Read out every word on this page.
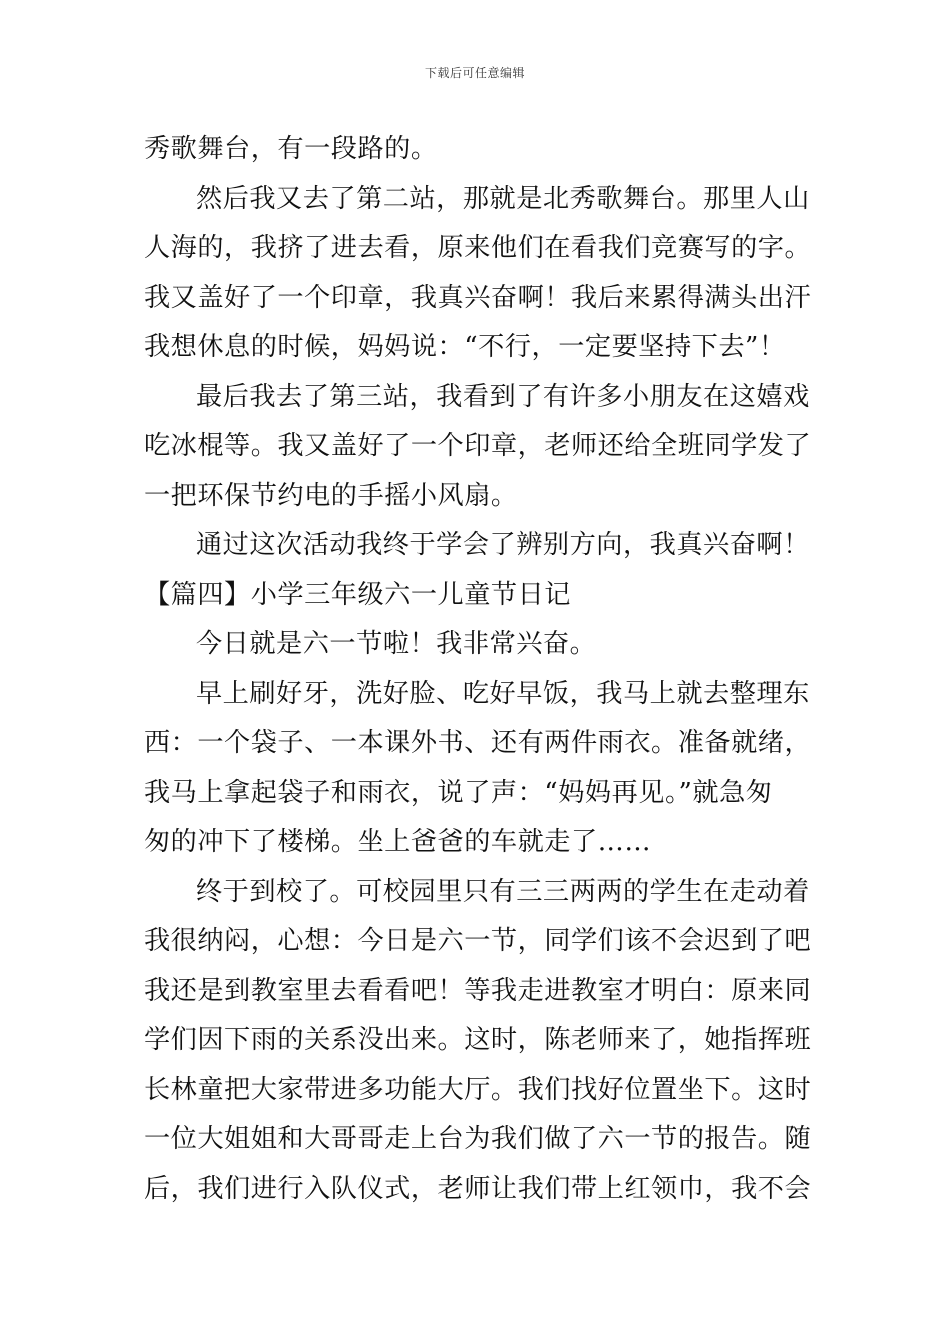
下载后可任意编辑
秀歌舞台，有一段路的。
然后我又去了第二站，那就是北秀歌舞台。那里人山
人海的，我挤了进去看，原来他们在看我们竞赛写的字。
我又盖好了一个印章，我真兴奋啊！我后来累得满头出汗
我想休息的时候，妈妈说：“不行，一定要坚持下去”！
最后我去了第三站，我看到了有许多小朋友在这嬉戏
吃冰棍等。我又盖好了一个印章，老师还给全班同学发了
一把环保节约电的手摇小风扇。
通过这次活动我终于学会了辨别方向，我真兴奋啊！
【篇四】小学三年级六一儿童节日记
今日就是六一节啦！我非常兴奋。
早上刷好牙，洗好脸、吃好早饭，我马上就去整理东
西：一个袋子、一本课外书、还有两件雨衣。准备就绪，
我马上拿起袋子和雨衣，说了声：“妈妈再见。”就急匆
匆的冲下了楼梯。坐上爸爸的车就走了……
终于到校了。可校园里只有三三两两的学生在走动着
我很纳闷，心想：今日是六一节，同学们该不会迟到了吧
我还是到教室里去看看吧！等我走进教室才明白：原来同
学们因下雨的关系没出来。这时，陈老师来了，她指挥班
长林童把大家带进多功能大厅。我们找好位置坐下。这时
一位大姐姐和大哥哥走上台为我们做了六一节的报告。随
后，我们进行入队仪式，老师让我们带上红领巾，我不会
